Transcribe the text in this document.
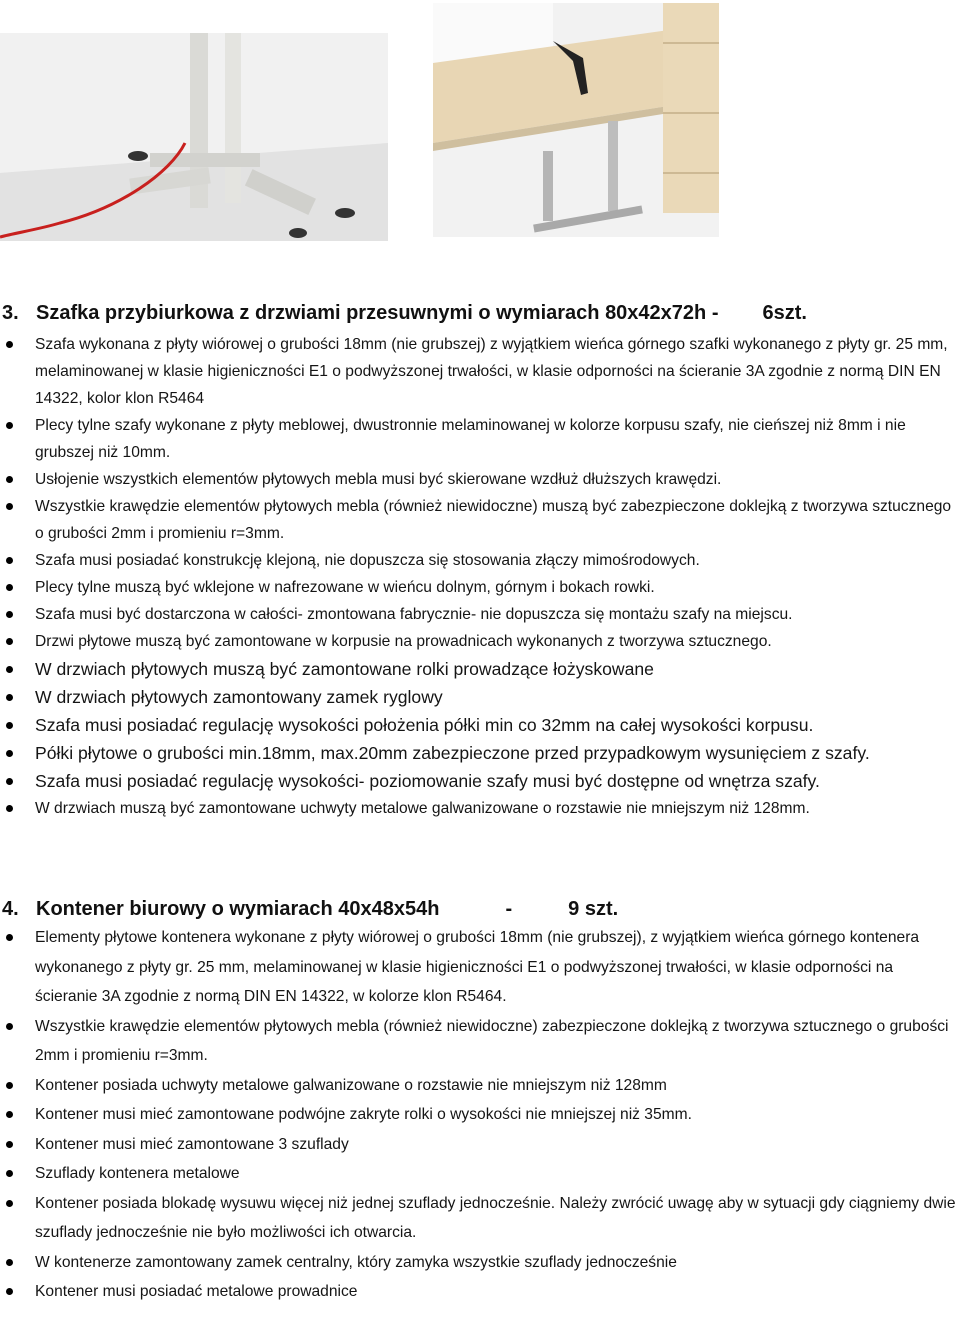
3. Szafka przybiurkowa z drzwiami przesuwnymi o wymiarach 80x42x72h - 6szt.
Szafa wykonana z płyty wiórowej o grubości 18mm (nie grubszej) z wyjątkiem wieńca górnego szafki wykonanego z płyty gr. 25 mm, melaminowanej w klasie higieniczności E1 o podwyższonej trwałości, w klasie odporności na ścieranie 3A zgodnie z normą DIN EN 14322, kolor klon R5464
Plecy tylne szafy wykonane z płyty meblowej, dwustronnie melaminowanej w kolorze korpusu szafy, nie cieńszej niż 8mm i nie grubszej niż 10mm.
Usłojenie wszystkich elementów płytowych mebla musi być skierowane wzdłuż dłuższych krawędzi.
Wszystkie krawędzie elementów płytowych mebla (również niewidoczne) muszą być zabezpieczone doklejką z tworzywa sztucznego o grubości 2mm i promieniu r=3mm.
Szafa musi posiadać konstrukcję klejoną, nie dopuszcza się stosowania złączy mimośrodowych.
Plecy tylne muszą być wklejone w nafrezowane w wieńcu dolnym, górnym i bokach rowki.
Szafa musi być dostarczona w całości- zmontowana fabrycznie- nie dopuszcza się montażu szafy na miejscu.
Drzwi płytowe muszą być zamontowane w korpusie na prowadnicach wykonanych z tworzywa sztucznego.
W drzwiach płytowych muszą być zamontowane rolki prowadzące łożyskowane
W drzwiach płytowych zamontowany zamek ryglowy
Szafa musi posiadać regulację wysokości położenia półki min co 32mm na całej wysokości korpusu.
Półki płytowe o grubości min.18mm, max.20mm zabezpieczone przed przypadkowym wysunięciem z szafy.
Szafa musi posiadać regulację wysokości- poziomowanie szafy musi być dostępne od wnętrza szafy.
W drzwiach muszą być zamontowane uchwyty metalowe galwanizowane o rozstawie nie mniejszym niż 128mm.
4. Kontener biurowy o wymiarach 40x48x54h	-	9 szt.
Elementy płytowe kontenera wykonane z płyty wiórowej o grubości 18mm (nie grubszej), z wyjątkiem wieńca górnego kontenera wykonanego z płyty gr. 25 mm, melaminowanej w klasie higieniczności E1 o podwyższonej trwałości, w klasie odporności na ścieranie 3A zgodnie z normą DIN EN 14322, w kolorze klon R5464.
Wszystkie krawędzie elementów płytowych mebla (również niewidoczne) zabezpieczone doklejką z tworzywa sztucznego o grubości 2mm i promieniu r=3mm.
Kontener posiada uchwyty metalowe galwanizowane o rozstawie nie mniejszym niż 128mm
Kontener musi mieć zamontowane podwójne zakryte rolki o wysokości nie mniejszej niż 35mm.
Kontener musi mieć zamontowane 3 szuflady
Szuflady kontenera metalowe
Kontener posiada blokadę wysuwu więcej niż jednej szuflady jednocześnie. Należy zwrócić uwagę aby w sytuacji gdy ciągniemy dwie szuflady jednocześnie nie było możliwości ich otwarcia.
W kontenerze zamontowany zamek centralny, który zamyka wszystkie szuflady jednocześnie
Kontener musi posiadać metalowe prowadnice
